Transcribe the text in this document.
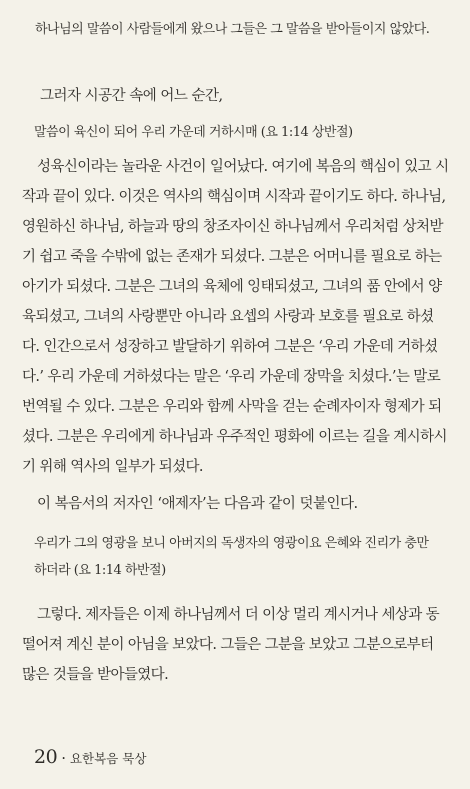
하나님의 말씀이 사람들에게 왔으나 그들은 그 말씀을 받아들이지 않았다.
그러자 시공간 속에 어느 순간,
말씀이 육신이 되어 우리 가운데 거하시매 (요 1:14 상반절)
성육신이라는 놀라운 사건이 일어났다. 여기에 복음의 핵심이 있고 시
작과 끝이 있다. 이것은 역사의 핵심이며 시작과 끝이기도 하다. 하나님,
영원하신 하나님, 하늘과 땅의 창조자이신 하나님께서 우리처럼 상처받
기 쉽고 죽을 수밖에 없는 존재가 되셨다. 그분은 어머니를 필요로 하는
아기가 되셨다. 그분은 그녀의 육체에 잉태되셨고, 그녀의 품 안에서 양
육되셨고, 그녀의 사랑뿐만 아니라 요셉의 사랑과 보호를 필요로 하셨
다. 인간으로서 성장하고 발달하기 위하여 그분은 ‘우리 가운데 거하셨
다.’ 우리 가운데 거하셨다는 말은 ‘우리 가운데 장막을 치셨다.’는 말로
번역될 수 있다. 그분은 우리와 함께 사막을 걷는 순례자이자 형제가 되
셨다. 그분은 우리에게 하나님과 우주적인 평화에 이르는 길을 계시하시
기 위해 역사의 일부가 되셨다.
이 복음서의 저자인 ‘애제자’는 다음과 같이 덧붙인다.
우리가 그의 영광을 보니 아버지의 독생자의 영광이요 은혜와 진리가 충만
하더라 (요 1:14 하반절)
그렇다. 제자들은 이제 하나님께서 더 이상 멀리 계시거나 세상과 동
떨어져 계신 분이 아님을 보았다. 그들은 그분을 보았고 그분으로부터
많은 것들을 받아들였다.
20 · 요한복음 묵상
